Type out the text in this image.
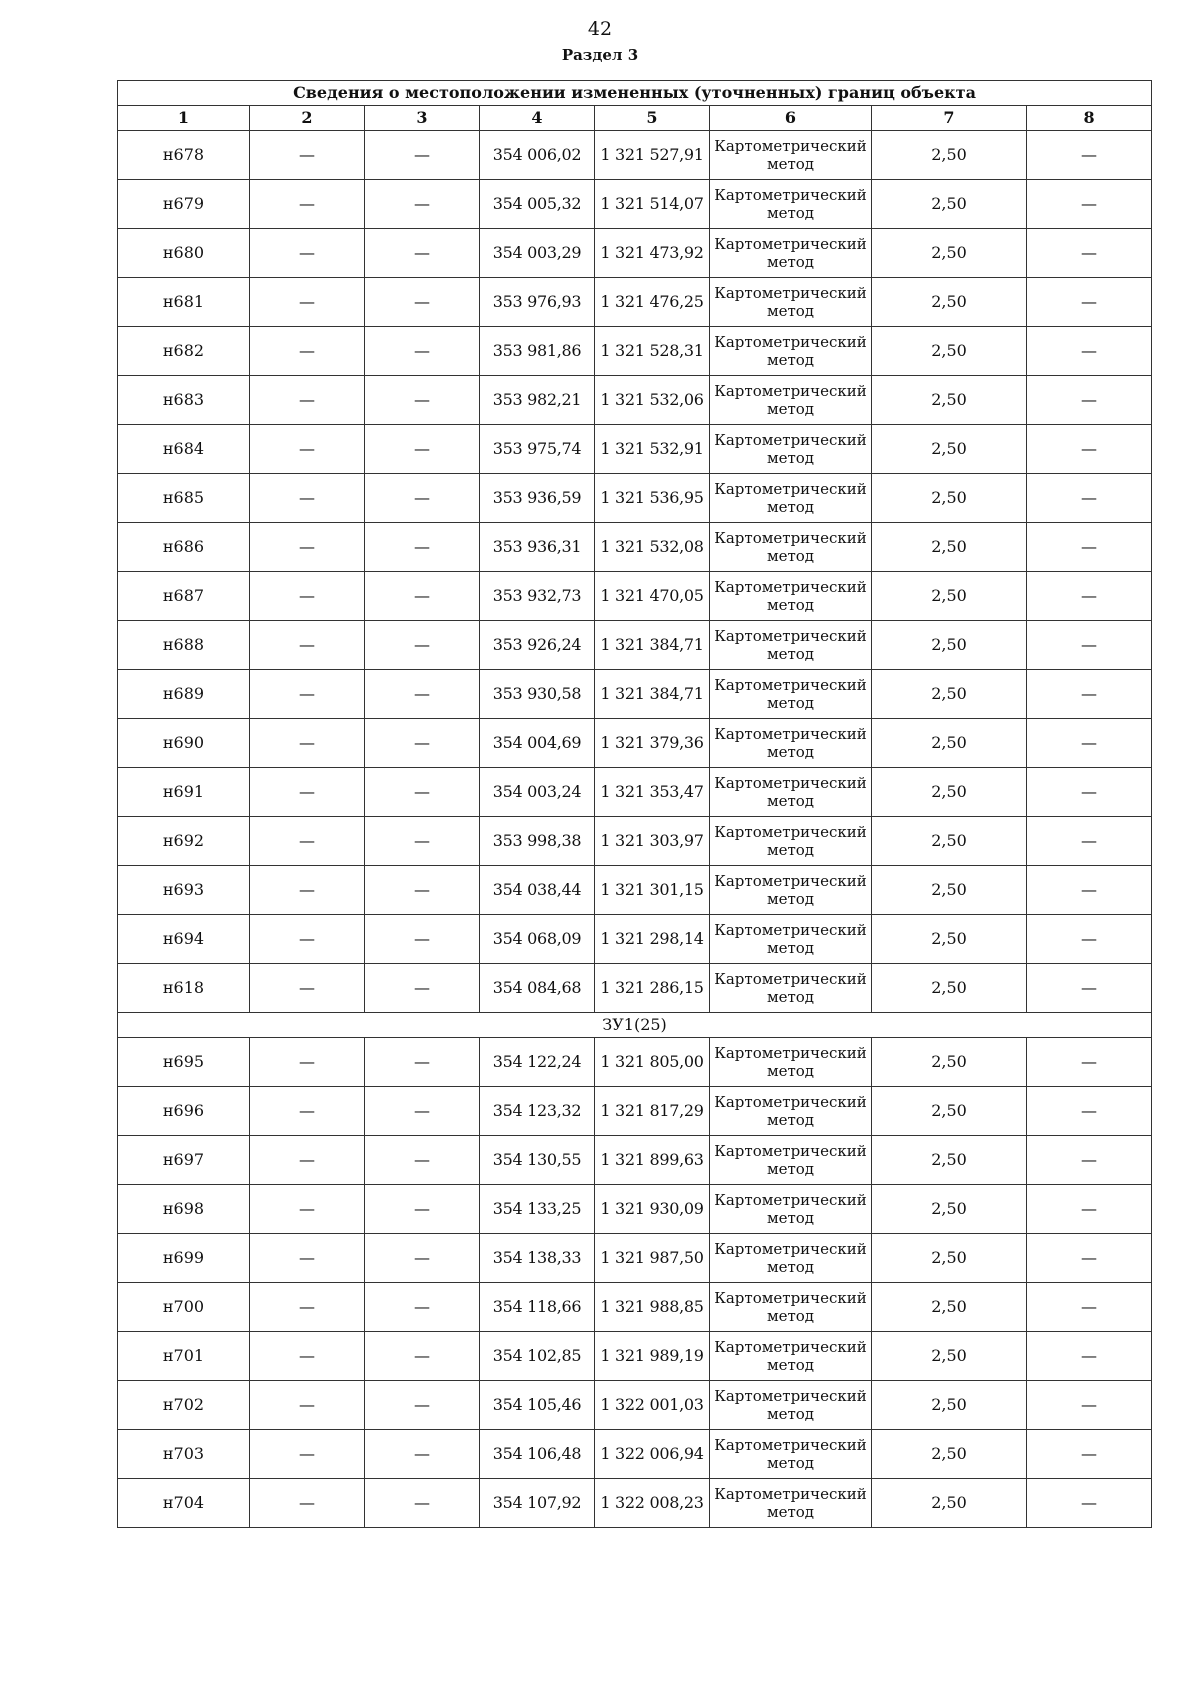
42
Раздел 3
Сведения о местоположении измененных (уточненных) границ объекта							
1	2	3	4	5	6	7	8
н678	—	—	354 006,02	1 321 527,91	Картометрический метод	2,50	—
н679	—	—	354 005,32	1 321 514,07	Картометрический метод	2,50	—
н680	—	—	354 003,29	1 321 473,92	Картометрический метод	2,50	—
н681	—	—	353 976,93	1 321 476,25	Картометрический метод	2,50	—
н682	—	—	353 981,86	1 321 528,31	Картометрический метод	2,50	—
н683	—	—	353 982,21	1 321 532,06	Картометрический метод	2,50	—
н684	—	—	353 975,74	1 321 532,91	Картометрический метод	2,50	—
н685	—	—	353 936,59	1 321 536,95	Картометрический метод	2,50	—
н686	—	—	353 936,31	1 321 532,08	Картометрический метод	2,50	—
н687	—	—	353 932,73	1 321 470,05	Картометрический метод	2,50	—
н688	—	—	353 926,24	1 321 384,71	Картометрический метод	2,50	—
н689	—	—	353 930,58	1 321 384,71	Картометрический метод	2,50	—
н690	—	—	354 004,69	1 321 379,36	Картометрический метод	2,50	—
н691	—	—	354 003,24	1 321 353,47	Картометрический метод	2,50	—
н692	—	—	353 998,38	1 321 303,97	Картометрический метод	2,50	—
н693	—	—	354 038,44	1 321 301,15	Картометрический метод	2,50	—
н694	—	—	354 068,09	1 321 298,14	Картометрический метод	2,50	—
н618	—	—	354 084,68	1 321 286,15	Картометрический метод	2,50	—
ЗУ1(25)							
н695	—	—	354 122,24	1 321 805,00	Картометрический метод	2,50	—
н696	—	—	354 123,32	1 321 817,29	Картометрический метод	2,50	—
н697	—	—	354 130,55	1 321 899,63	Картометрический метод	2,50	—
н698	—	—	354 133,25	1 321 930,09	Картометрический метод	2,50	—
н699	—	—	354 138,33	1 321 987,50	Картометрический метод	2,50	—
н700	—	—	354 118,66	1 321 988,85	Картометрический метод	2,50	—
н701	—	—	354 102,85	1 321 989,19	Картометрический метод	2,50	—
н702	—	—	354 105,46	1 322 001,03	Картометрический метод	2,50	—
н703	—	—	354 106,48	1 322 006,94	Картометрический метод	2,50	—
н704	—	—	354 107,92	1 322 008,23	Картометрический метод	2,50	—
